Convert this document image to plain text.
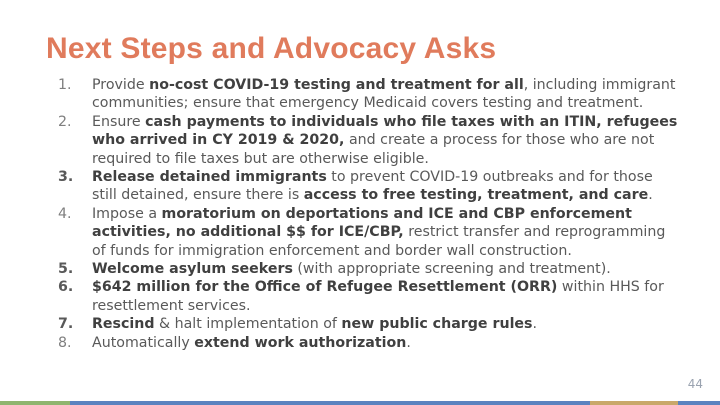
Next Steps and Advocacy Asks
1.	Provide no-cost COVID-19 testing and treatment for all, including immigrant communities; ensure that emergency Medicaid covers testing and treatment.
2.	Ensure cash payments to individuals who file taxes with an ITIN, refugees who arrived in CY 2019 & 2020, and create a process for those who are not required to file taxes but are otherwise eligible.
3.	Release detained immigrants to prevent COVID-19 outbreaks and for those still detained, ensure there is access to free testing, treatment, and care.
4.	Impose a moratorium on deportations and ICE and CBP enforcement activities, no additional $$ for ICE/CBP, restrict transfer and reprogramming of funds for immigration enforcement and border wall construction.
5.	Welcome asylum seekers (with appropriate screening and treatment).
6.	$642 million for the Office of Refugee Resettlement (ORR) within HHS for resettlement services.
7.	Rescind & halt implementation of new public charge rules.
8.	Automatically extend work authorization.
44
